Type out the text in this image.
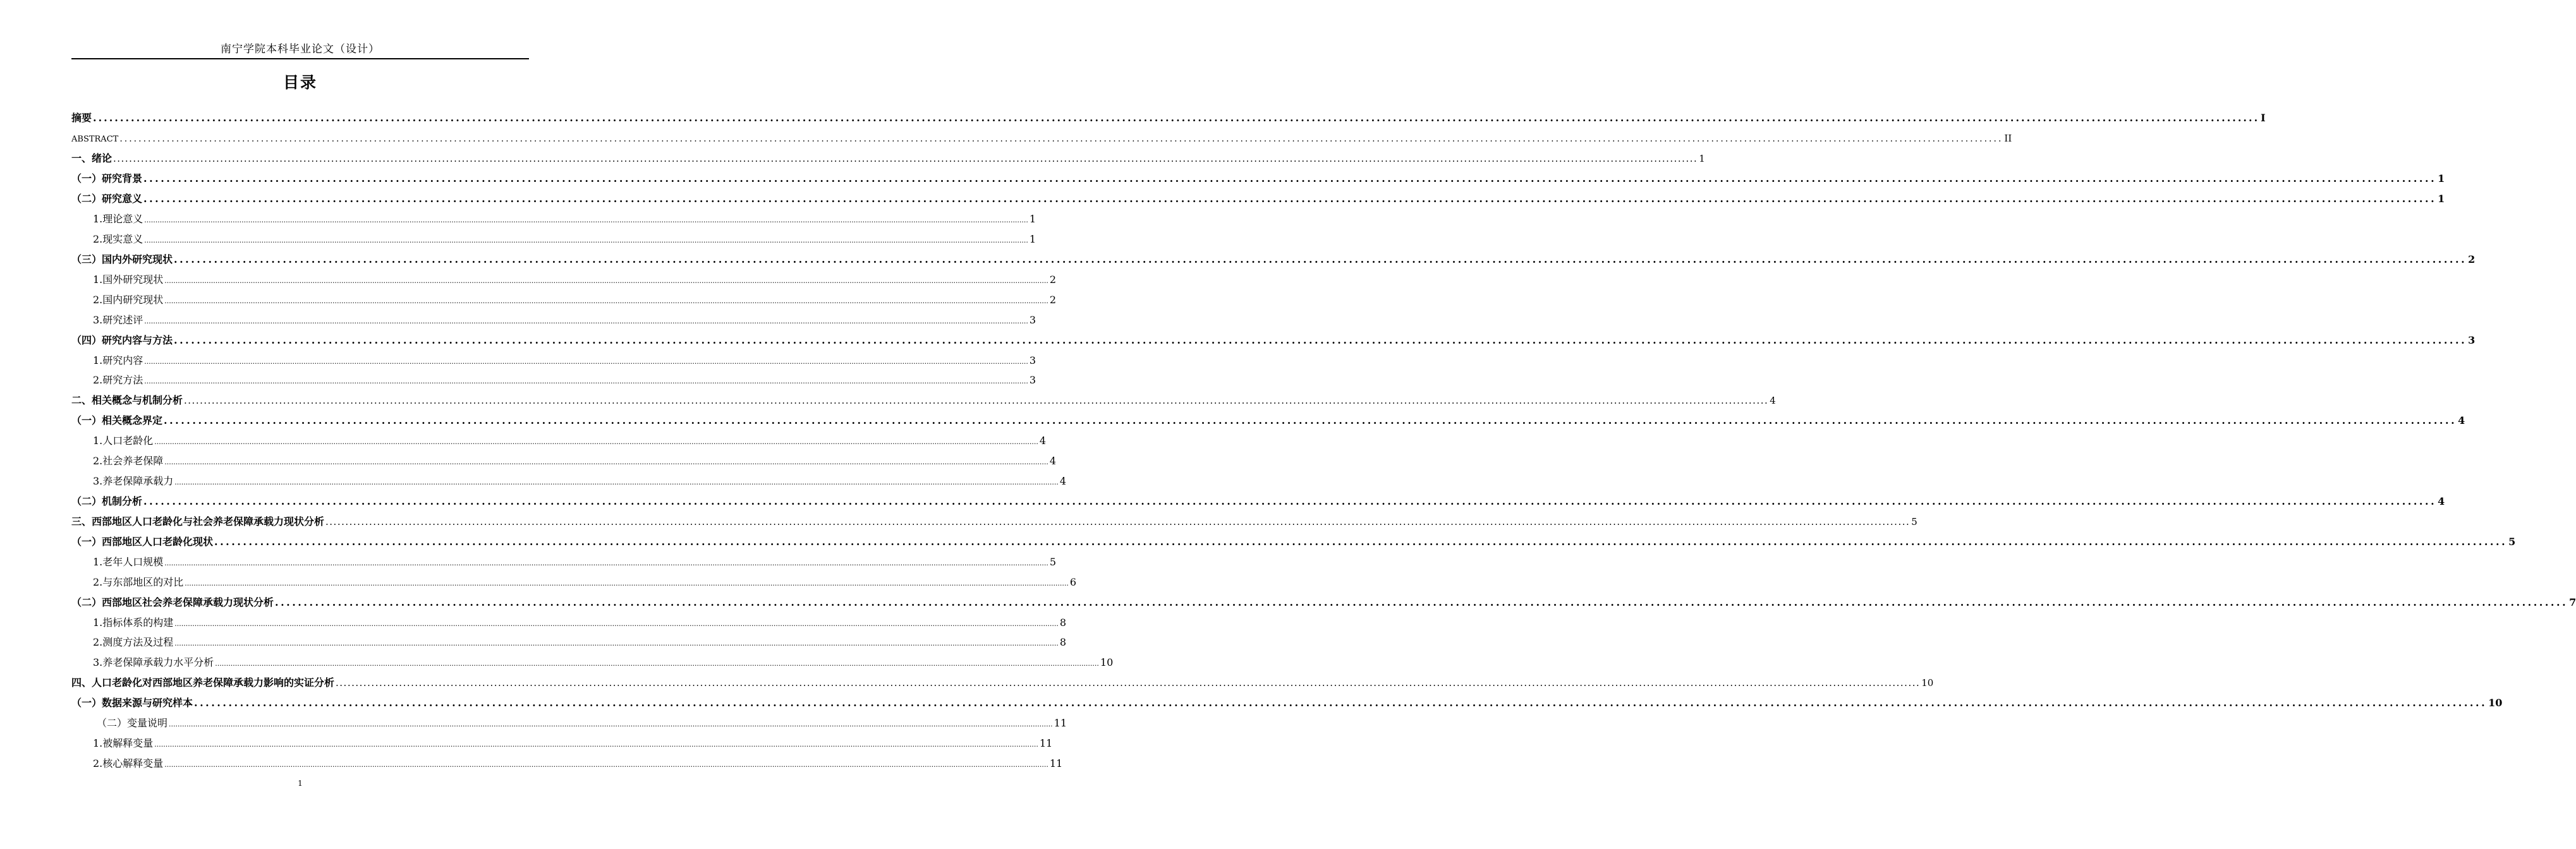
南宁学院本科毕业论文（设计）
目录
摘要 ................................................................................................................................................................................................................................................................................................................................................................................................................ I
ABSTRACT ................................................................................................................................................................................................................................................................................................................................................................................................................ II
一、绪论 ................................................................................................................................................................................................................................................................................................................................................................................................................ 1
（一）研究背景 ................................................................................................................................................................................................................................................................................................................................................................................................................ 1
（二）研究意义 ................................................................................................................................................................................................................................................................................................................................................................................................................ 1
1.理论意义 ................................................................................................................................................................................................................................................................................................................................................................................................................ 1
2.现实意义 ................................................................................................................................................................................................................................................................................................................................................................................................................ 1
（三）国内外研究现状 ................................................................................................................................................................................................................................................................................................................................................................................................................ 2
1.国外研究现状 ................................................................................................................................................................................................................................................................................................................................................................................................................ 2
2.国内研究现状 ................................................................................................................................................................................................................................................................................................................................................................................................................ 2
3.研究述评 ................................................................................................................................................................................................................................................................................................................................................................................................................ 3
（四）研究内容与方法 ................................................................................................................................................................................................................................................................................................................................................................................................................ 3
1.研究内容 ................................................................................................................................................................................................................................................................................................................................................................................................................ 3
2.研究方法 ................................................................................................................................................................................................................................................................................................................................................................................................................ 3
二、相关概念与机制分析 ................................................................................................................................................................................................................................................................................................................................................................................................................ 4
（一）相关概念界定 ................................................................................................................................................................................................................................................................................................................................................................................................................ 4
1.人口老龄化 ................................................................................................................................................................................................................................................................................................................................................................................................................ 4
2.社会养老保障 ................................................................................................................................................................................................................................................................................................................................................................................................................ 4
3.养老保障承载力 ................................................................................................................................................................................................................................................................................................................................................................................................................ 4
（二）机制分析 ................................................................................................................................................................................................................................................................................................................................................................................................................ 4
三、西部地区人口老龄化与社会养老保障承载力现状分析 ................................................................................................................................................................................................................................................................................................................................................................................................................ 5
（一）西部地区人口老龄化现状 ................................................................................................................................................................................................................................................................................................................................................................................................................ 5
1.老年人口规模 ................................................................................................................................................................................................................................................................................................................................................................................................................ 5
2.与东部地区的对比 ................................................................................................................................................................................................................................................................................................................................................................................................................ 6
（二）西部地区社会养老保障承载力现状分析 ................................................................................................................................................................................................................................................................................................................................................................................................................ 7
1.指标体系的构建 ................................................................................................................................................................................................................................................................................................................................................................................................................ 8
2.测度方法及过程 ................................................................................................................................................................................................................................................................................................................................................................................................................ 8
3.养老保障承载力水平分析 ................................................................................................................................................................................................................................................................................................................................................................................................................ 10
四、人口老龄化对西部地区养老保障承载力影响的实证分析 ................................................................................................................................................................................................................................................................................................................................................................................................................ 10
（一）数据来源与研究样本 ................................................................................................................................................................................................................................................................................................................................................................................................................ 10
（二）变量说明 ................................................................................................................................................................................................................................................................................................................................................................................................................ 11
1.被解释变量 ................................................................................................................................................................................................................................................................................................................................................................................................................ 11
2.核心解释变量 ................................................................................................................................................................................................................................................................................................................................................................................................................ 11
1
